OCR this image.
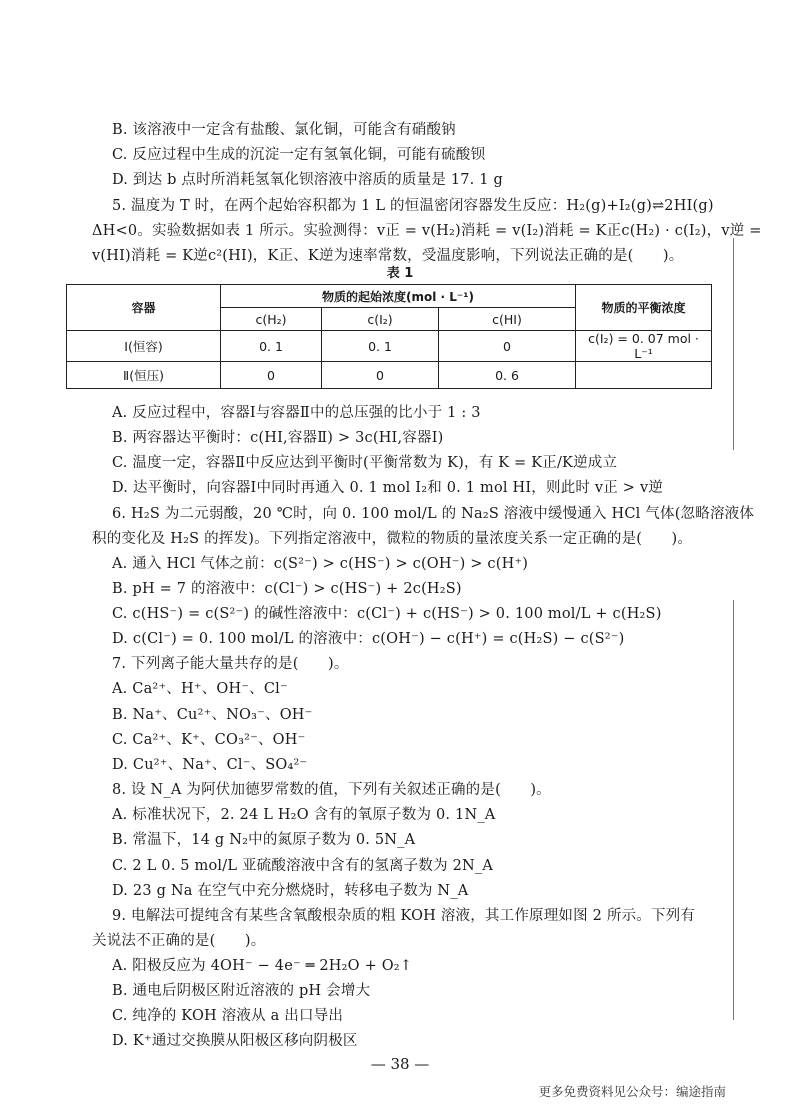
B. 该溶液中一定含有盐酸、氯化铜，可能含有硝酸钠
C. 反应过程中生成的沉淀一定有氢氧化铜，可能有硫酸钡
D. 到达 b 点时所消耗氢氧化钡溶液中溶质的质量是 17. 1 g
5. 温度为 T 时，在两个起始容积都为 1 L 的恒温密闭容器发生反应：H₂(g)+I₂(g)⇌2HI(g)
ΔH<0。实验数据如表 1 所示。实验测得：v正 = v(H₂)消耗 = v(I₂)消耗 = K正c(H₂) · c(I₂)，v逆 =
v(HI)消耗 = K逆c²(HI)，K正、K逆为速率常数，受温度影响，下列说法正确的是(　　)。
表 1
容器	物质的起始浓度(mol · L⁻¹)			物质的平衡浓度
	c(H₂)	c(I₂)	c(HI)	
Ⅰ(恒容)	0. 1	0. 1	0	c(I₂) = 0. 07 mol · L⁻¹
Ⅱ(恒压)	0	0	0. 6	
A. 反应过程中，容器Ⅰ与容器Ⅱ中的总压强的比小于 1 : 3
B. 两容器达平衡时：c(HI,容器Ⅱ) > 3c(HI,容器Ⅰ)
C. 温度一定，容器Ⅱ中反应达到平衡时(平衡常数为 K)，有 K = K正/K逆成立
D. 达平衡时，向容器Ⅰ中同时再通入 0. 1 mol I₂和 0. 1 mol HI，则此时 v正 > v逆
6. H₂S 为二元弱酸，20 ℃时，向 0. 100 mol/L 的 Na₂S 溶液中缓慢通入 HCl 气体(忽略溶液体
积的变化及 H₂S 的挥发)。下列指定溶液中，微粒的物质的量浓度关系一定正确的是(　　)。
A. 通入 HCl 气体之前：c(S²⁻) > c(HS⁻) > c(OH⁻) > c(H⁺)
B. pH = 7 的溶液中：c(Cl⁻) > c(HS⁻) + 2c(H₂S)
C. c(HS⁻) = c(S²⁻) 的碱性溶液中：c(Cl⁻) + c(HS⁻) > 0. 100 mol/L + c(H₂S)
D. c(Cl⁻) = 0. 100 mol/L 的溶液中：c(OH⁻) − c(H⁺) = c(H₂S) − c(S²⁻)
7. 下列离子能大量共存的是(　　)。
A. Ca²⁺、H⁺、OH⁻、Cl⁻
B. Na⁺、Cu²⁺、NO₃⁻、OH⁻
C. Ca²⁺、K⁺、CO₃²⁻、OH⁻
D. Cu²⁺、Na⁺、Cl⁻、SO₄²⁻
8. 设 N_A 为阿伏加德罗常数的值，下列有关叙述正确的是(　　)。
A. 标准状况下，2. 24 L H₂O 含有的氧原子数为 0. 1N_A
B. 常温下，14 g N₂中的氮原子数为 0. 5N_A
C. 2 L 0. 5 mol/L 亚硫酸溶液中含有的氢离子数为 2N_A
D. 23 g Na 在空气中充分燃烧时，转移电子数为 N_A
9. 电解法可提纯含有某些含氧酸根杂质的粗 KOH 溶液，其工作原理如图 2 所示。下列有
关说法不正确的是(　　)。
A. 阳极反应为 4OH⁻ − 4e⁻ ═ 2H₂O + O₂↑
B. 通电后阴极区附近溶液的 pH 会增大
C. 纯净的 KOH 溶液从 a 出口导出
D. K⁺通过交换膜从阳极区移向阴极区
— 38 —
更多免费资料见公众号：编途指南
